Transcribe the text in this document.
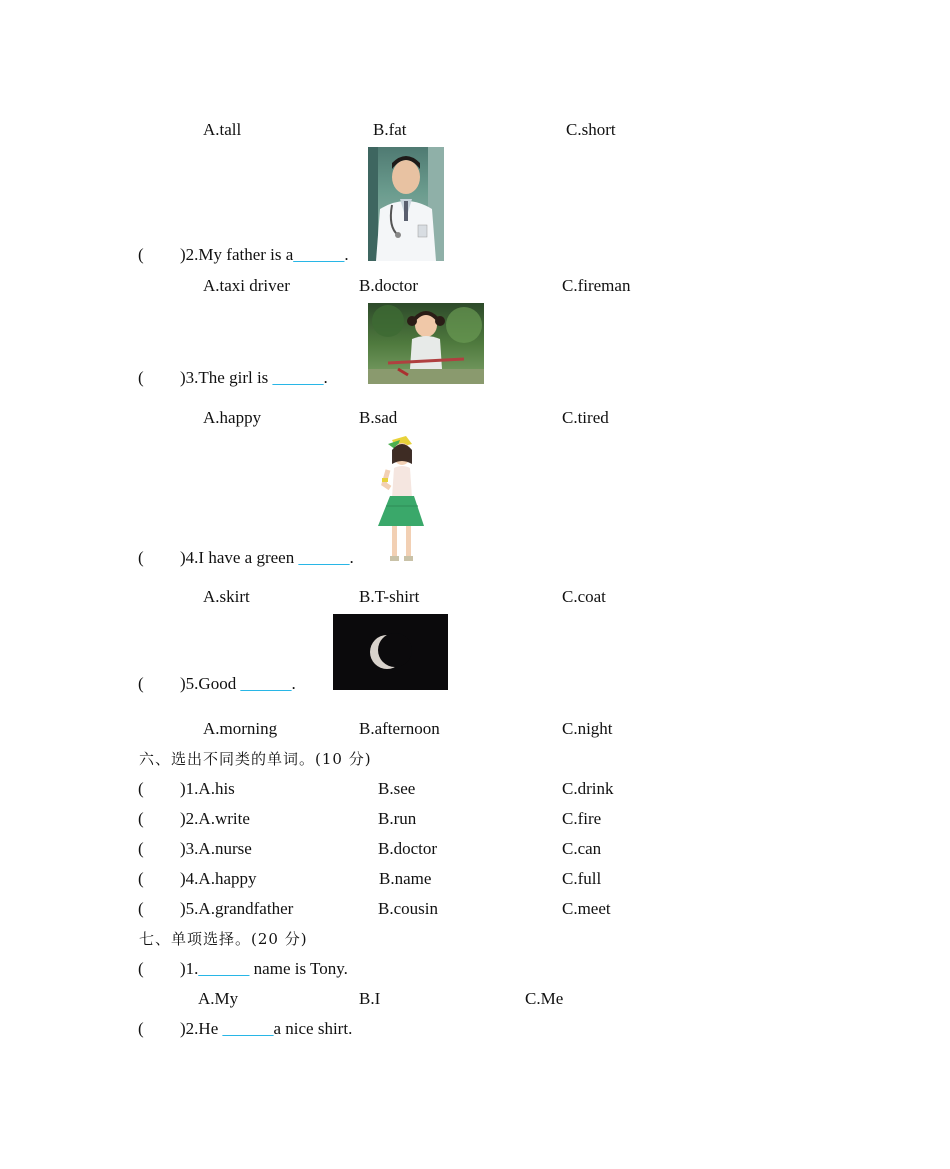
A.tall	B.fat	C.short
( )2.My father is a______.
A.taxi driver	B.doctor	C.fireman
( )3.The girl is ______.
A.happy	B.sad	C.tired
( )4.I have a green ______.
A.skirt	B.T-shirt	C.coat
( )5.Good ______.
A.morning	B.afternoon	C.night
六、选出不同类的单词。(10 分)
( )1.A.his	B.see	C.drink
( )2.A.write	B.run	C.fire
( )3.A.nurse	B.doctor	C.can
( )4.A.happy	B.name	C.full
( )5.A.grandfather	B.cousin	C.meet
七、单项选择。(20 分)
( )1.______ name is Tony.
A.My	B.I	C.Me
( )2.He ______a nice shirt.
